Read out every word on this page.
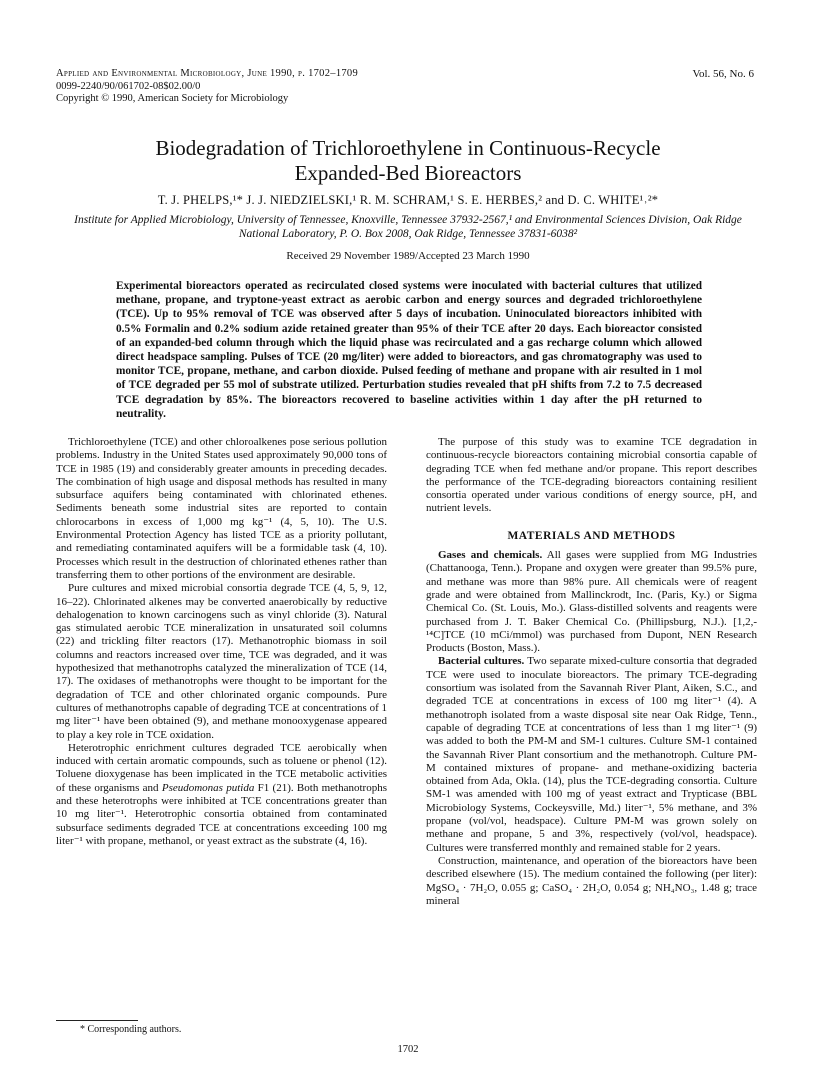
Applied and Environmental Microbiology, June 1990, p. 1702–1709
0099-2240/90/061702-08$02.00/0
Copyright © 1990, American Society for Microbiology
Vol. 56, No. 6
Biodegradation of Trichloroethylene in Continuous-Recycle
Expanded-Bed Bioreactors
T. J. PHELPS,¹* J. J. NIEDZIELSKI,¹ R. M. SCHRAM,¹ S. E. HERBES,² and D. C. WHITE¹˒²*
Institute for Applied Microbiology, University of Tennessee, Knoxville, Tennessee 37932-2567,¹ and Environmental Sciences Division, Oak Ridge National Laboratory, P. O. Box 2008, Oak Ridge, Tennessee 37831-6038²
Received 29 November 1989/Accepted 23 March 1990
Experimental bioreactors operated as recirculated closed systems were inoculated with bacterial cultures that utilized methane, propane, and tryptone-yeast extract as aerobic carbon and energy sources and degraded trichloroethylene (TCE). Up to 95% removal of TCE was observed after 5 days of incubation. Uninoculated bioreactors inhibited with 0.5% Formalin and 0.2% sodium azide retained greater than 95% of their TCE after 20 days. Each bioreactor consisted of an expanded-bed column through which the liquid phase was recirculated and a gas recharge column which allowed direct headspace sampling. Pulses of TCE (20 mg/liter) were added to bioreactors, and gas chromatography was used to monitor TCE, propane, methane, and carbon dioxide. Pulsed feeding of methane and propane with air resulted in 1 mol of TCE degraded per 55 mol of substrate utilized. Perturbation studies revealed that pH shifts from 7.2 to 7.5 decreased TCE degradation by 85%. The bioreactors recovered to baseline activities within 1 day after the pH returned to neutrality.

Trichloroethylene (TCE) and other chloroalkenes pose serious pollution problems. Industry in the United States used approximately 90,000 tons of TCE in 1985 (19) and considerably greater amounts in preceding decades. The combination of high usage and disposal methods has resulted in many subsurface aquifers being contaminated with chlorinated ethenes. Sediments beneath some industrial sites are reported to contain chlorocarbons in excess of 1,000 mg kg⁻¹ (4, 5, 10). The U.S. Environmental Protection Agency has listed TCE as a priority pollutant, and remediating contaminated aquifers will be a formidable task (4, 10). Processes which result in the destruction of chlorinated ethenes rather than transferring them to other portions of the environment are desirable.

Pure cultures and mixed microbial consortia degrade TCE (4, 5, 9, 12, 16–22). Chlorinated alkenes may be converted anaerobically by reductive dehalogenation to known carcinogens such as vinyl chloride (3). Natural gas stimulated aerobic TCE mineralization in unsaturated soil columns (22) and trickling filter reactors (17). Methanotrophic biomass in soil columns and reactors increased over time, TCE was degraded, and it was hypothesized that methanotrophs catalyzed the mineralization of TCE (14, 17). The oxidases of methanotrophs were thought to be important for the degradation of TCE and other chlorinated organic compounds. Pure cultures of methanotrophs capable of degrading TCE at concentrations of 1 mg liter⁻¹ have been obtained (9), and methane monooxygenase appeared to play a key role in TCE oxidation.

Heterotrophic enrichment cultures degraded TCE aerobically when induced with certain aromatic compounds, such as toluene or phenol (12). Toluene dioxygenase has been implicated in the TCE metabolic activities of these organisms and Pseudomonas putida F1 (21). Both methanotrophs and these heterotrophs were inhibited at TCE concentrations greater than 10 mg liter⁻¹. Heterotrophic consortia obtained from contaminated subsurface sediments degraded TCE at concentrations exceeding 100 mg liter⁻¹ with propane, methanol, or yeast extract as the substrate (4, 16).

The purpose of this study was to examine TCE degradation in continuous-recycle bioreactors containing microbial consortia capable of degrading TCE when fed methane and/or propane. This report describes the performance of the TCE-degrading bioreactors containing resilient consortia operated under various conditions of energy source, pH, and nutrient levels.

MATERIALS AND METHODS

Gases and chemicals. All gases were supplied from MG Industries (Chattanooga, Tenn.). Propane and oxygen were greater than 99.5% pure, and methane was more than 98% pure. All chemicals were of reagent grade and were obtained from Mallinckrodt, Inc. (Paris, Ky.) or Sigma Chemical Co. (St. Louis, Mo.). Glass-distilled solvents and reagents were purchased from J. T. Baker Chemical Co. (Phillipsburg, N.J.). [1,2,-¹⁴C]TCE (10 mCi/mmol) was purchased from Dupont, NEN Research Products (Boston, Mass.).

Bacterial cultures. Two separate mixed-culture consortia that degraded TCE were used to inoculate bioreactors. The primary TCE-degrading consortium was isolated from the Savannah River Plant, Aiken, S.C., and degraded TCE at concentrations in excess of 100 mg liter⁻¹ (4). A methanotroph isolated from a waste disposal site near Oak Ridge, Tenn., capable of degrading TCE at concentrations of less than 1 mg liter⁻¹ (9) was added to both the PM-M and SM-1 cultures. Culture SM-1 contained the Savannah River Plant consortium and the methanotroph. Culture PM-M contained mixtures of propane- and methane-oxidizing bacteria obtained from Ada, Okla. (14), plus the TCE-degrading consortia. Culture SM-1 was amended with 100 mg of yeast extract and Trypticase (BBL Microbiology Systems, Cockeysville, Md.) liter⁻¹, 5% methane, and 3% propane (vol/vol, headspace). Culture PM-M was grown solely on methane and propane, 5 and 3%, respectively (vol/vol, headspace). Cultures were transferred monthly and remained stable for 2 years.

Construction, maintenance, and operation of the bioreactors have been described elsewhere (15). The medium contained the following (per liter): MgSO₄ · 7H₂O, 0.055 g; CaSO₄ · 2H₂O, 0.054 g; NH₄NO₃, 1.48 g; trace mineral

* Corresponding authors.
1702
